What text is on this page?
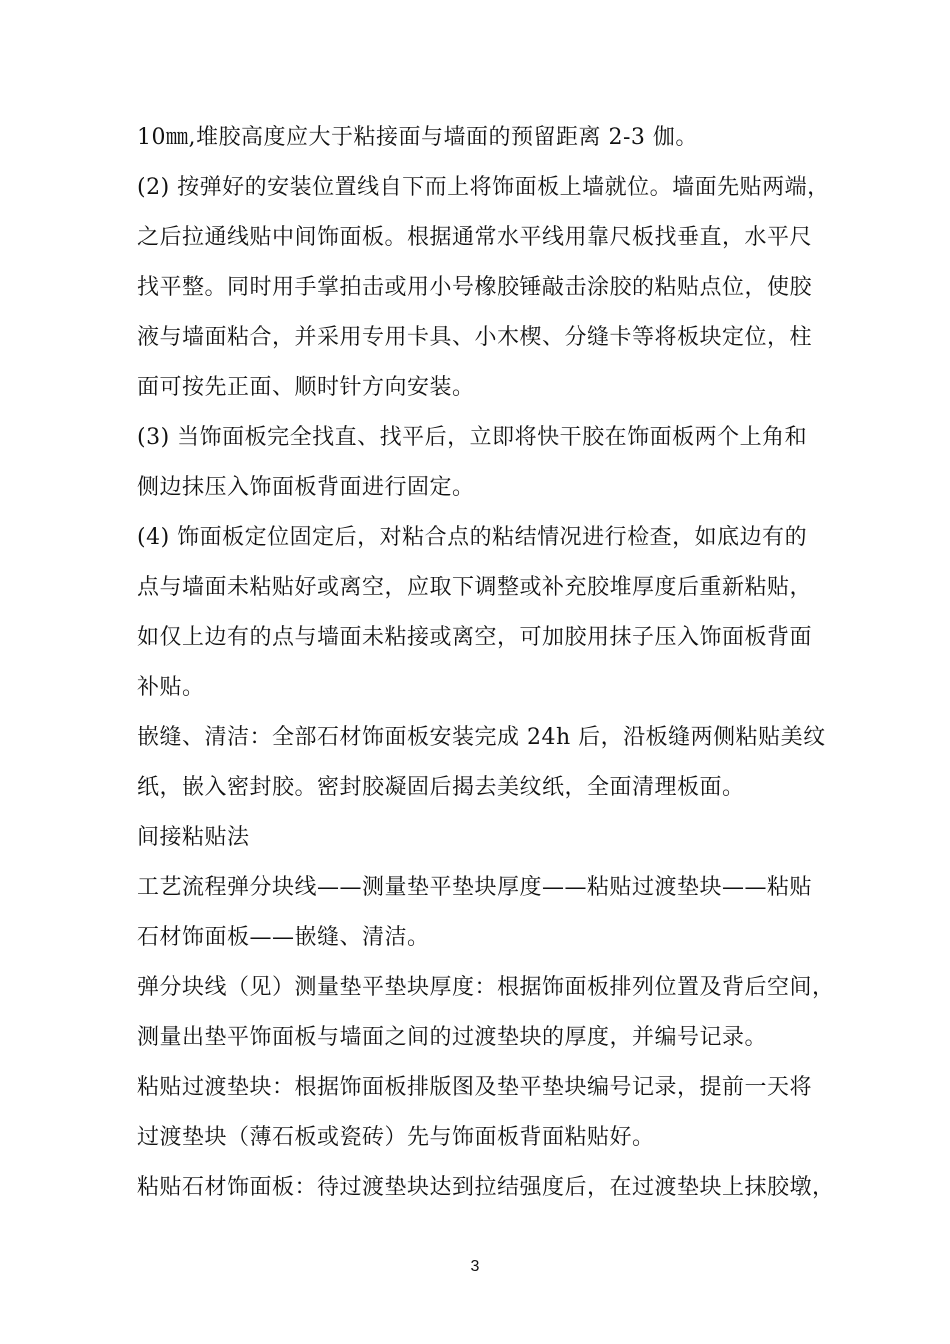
10㎜,堆胶高度应大于粘接面与墙面的预留距离 2-3 伽。
(2) 按弹好的安装位置线自下而上将饰面板上墙就位。墙面先贴两端，
之后拉通线贴中间饰面板。根据通常水平线用靠尺板找垂直，水平尺
找平整。同时用手掌拍击或用小号橡胶锤敲击涂胶的粘贴点位，使胶
液与墙面粘合，并采用专用卡具、小木楔、分缝卡等将板块定位，柱
面可按先正面、顺时针方向安装。
(3) 当饰面板完全找直、找平后，立即将快干胶在饰面板两个上角和
侧边抹压入饰面板背面进行固定。
(4) 饰面板定位固定后，对粘合点的粘结情况进行检查，如底边有的
点与墙面未粘贴好或离空，应取下调整或补充胶堆厚度后重新粘贴，
如仅上边有的点与墙面未粘接或离空，可加胶用抹子压入饰面板背面
补贴。
嵌缝、清洁：全部石材饰面板安装完成 24h 后，沿板缝两侧粘贴美纹
纸，嵌入密封胶。密封胶凝固后揭去美纹纸，全面清理板面。
间接粘贴法
工艺流程弹分块线——测量垫平垫块厚度——粘贴过渡垫块——粘贴
石材饰面板——嵌缝、清洁。
弹分块线（见）测量垫平垫块厚度：根据饰面板排列位置及背后空间，
测量出垫平饰面板与墙面之间的过渡垫块的厚度，并编号记录。
粘贴过渡垫块：根据饰面板排版图及垫平垫块编号记录，提前一天将
过渡垫块（薄石板或瓷砖）先与饰面板背面粘贴好。
粘贴石材饰面板：待过渡垫块达到拉结强度后，在过渡垫块上抹胶墩，
3
